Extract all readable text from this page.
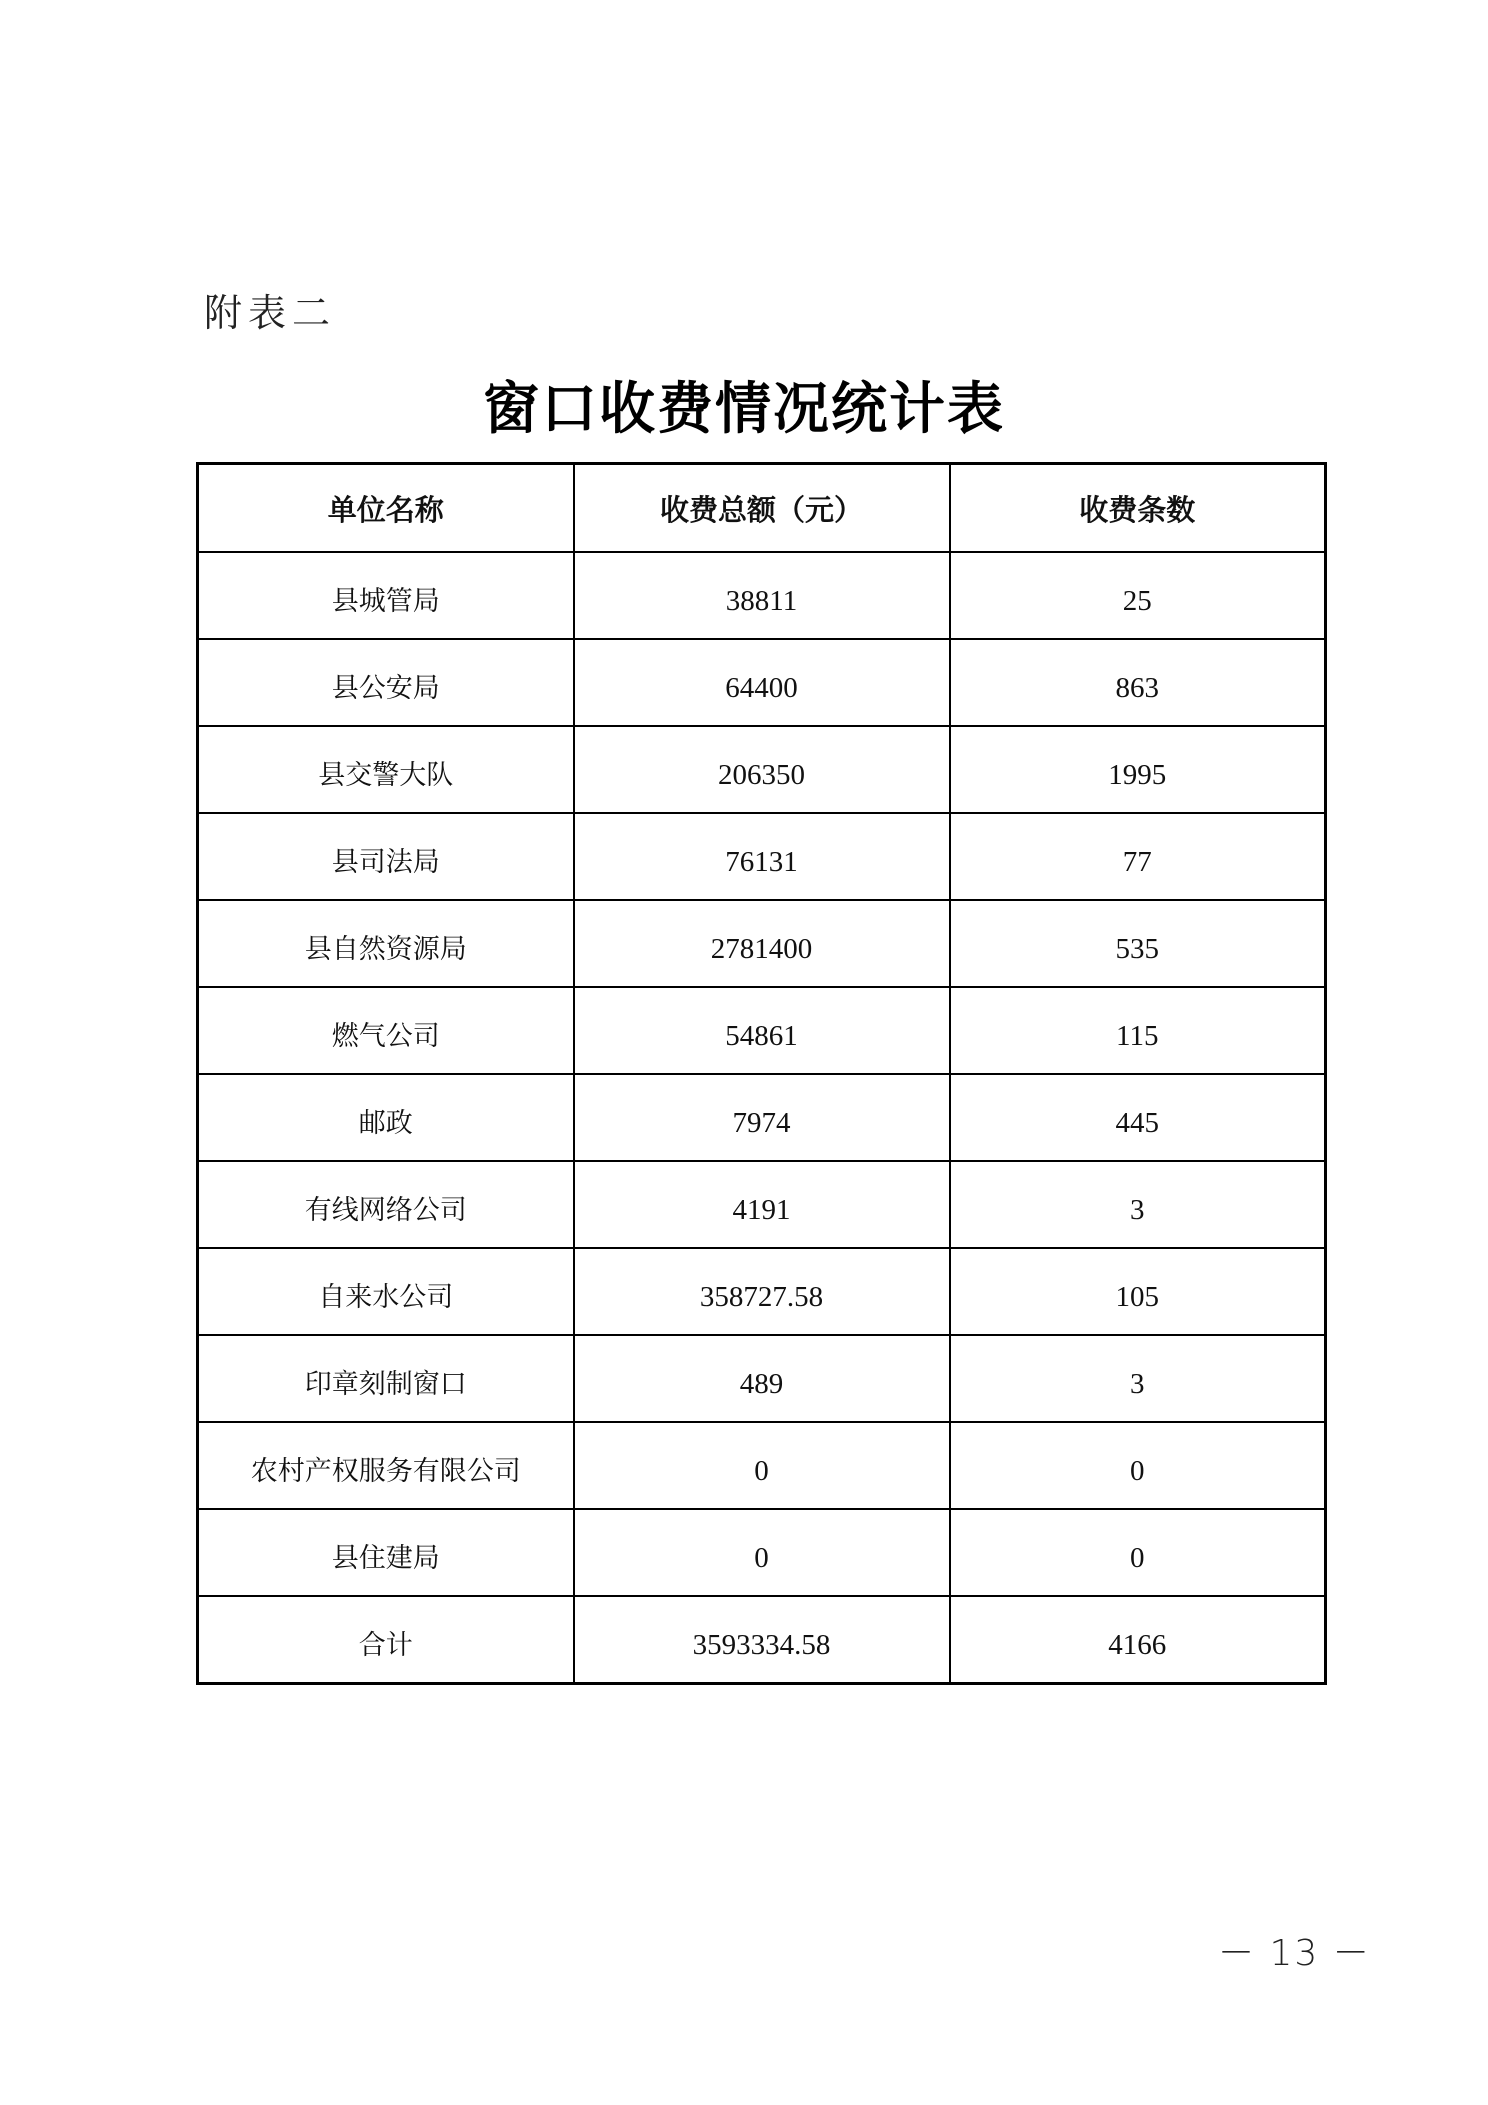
附表二
窗口收费情况统计表
单位名称	收费总额（元）	收费条数
县城管局	38811	25
县公安局	64400	863
县交警大队	206350	1995
县司法局	76131	77
县自然资源局	2781400	535
燃气公司	54861	115
邮政	7974	445
有线网络公司	4191	3
自来水公司	358727.58	105
印章刻制窗口	489	3
农村产权服务有限公司	0	0
县住建局	0	0
合计	3593334.58	4166
－ 13 －
